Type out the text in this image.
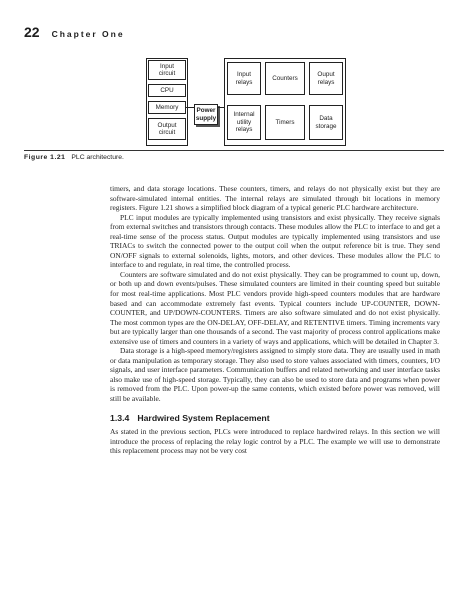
22 Chapter One
Input
circuit
CPU
Memory
Output
circuit
Power
supply
Input
relays
Counters
Ouput
relays
Internal
utility
relays
Timers
Data
storage
Figure 1.21 PLC architecture.

timers, and data storage locations. These counters, timers, and relays do not physically exist but they are software-simulated internal entities. The internal relays are simulated through bit locations in memory registers. Figure 1.21 shows a simplified block diagram of a typical generic PLC hardware architecture.

PLC input modules are typically implemented using transistors and exist physically. They receive signals from external switches and transistors through contacts. These modules allow the PLC to interface to and get a real-time sense of the process status. Output modules are typically implemented using transistors and use TRIACs to switch the connected power to the output coil when the output reference bit is true. They send ON/OFF signals to external solenoids, lights, motors, and other devices. These modules allow the PLC to interface to and regulate, in real time, the controlled process.

Counters are software simulated and do not exist physically. They can be programmed to count up, down, or both up and down events/pulses. These simulated counters are limited in their counting speed but suitable for most real-time applications. Most PLC vendors provide high-speed counters modules that are hardware based and can accommodate extremely fast events. Typical counters include UP-COUNTER, DOWN-COUNTER, and UP/DOWN-COUNTERS. Timers are also software simulated and do not exist physically. The most common types are the ON-DELAY, OFF-DELAY, and RETENTIVE timers. Timing increments vary but are typically larger than one thousands of a second. The vast majority of process control applications make extensive use of timers and counters in a variety of ways and applications, which will be detailed in Chapter 3.

Data storage is a high-speed memory/registers assigned to simply store data. They are usually used in math or data manipulation as temporary storage. They also used to store values associated with timers, counters, I/O signals, and user interface parameters. Communication buffers and related networking and user interface tasks also make use of high-speed storage. Typically, they can also be used to store data and programs when power is removed from the PLC. Upon power-up the same contents, which existed before power was removed, will still be available.

1.3.4 Hardwired System Replacement

As stated in the previous section, PLCs were introduced to replace hardwired relays. In this section we will introduce the process of replacing the relay logic control by a PLC. The example we will use to demonstrate this replacement process may not be very cost
